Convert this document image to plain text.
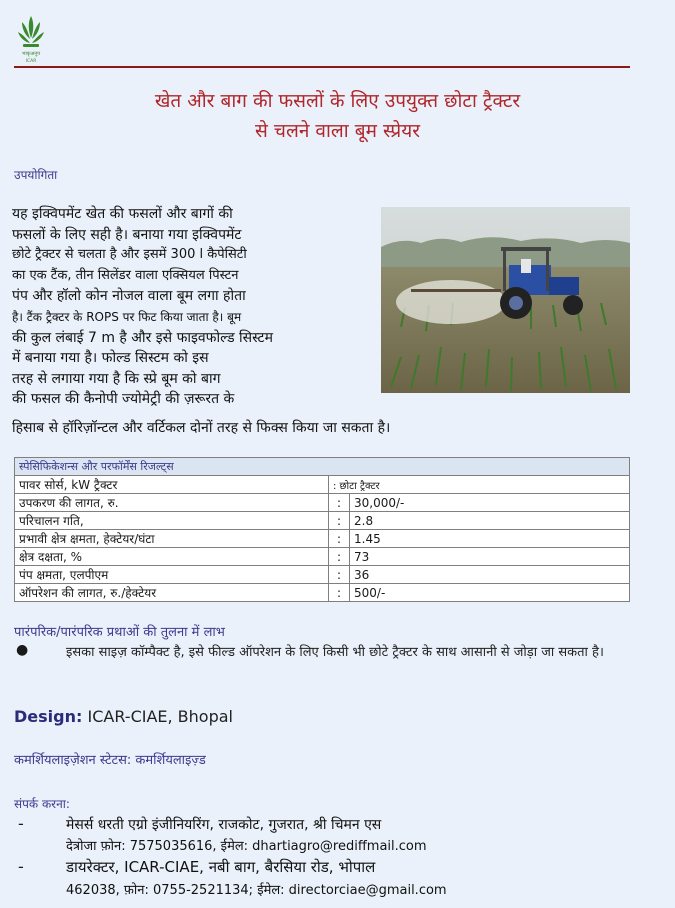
भाकृअनुप
ICAR
खेत और बाग की फसलों के लिए उपयुक्त छोटा ट्रैक्टर
से चलने वाला बूम स्प्रेयर
उपयोगिता
यह इक्विपमेंट खेत की फसलों और बागों की
फसलों के लिए सही है। बनाया गया इक्विपमेंट
छोटे ट्रैक्टर से चलता है और इसमें 300 l कैपेसिटी
का एक टैंक, तीन सिलेंडर वाला एक्सियल पिस्टन
पंप और हॉलो कोन नोजल वाला बूम लगा होता
है। टैंक ट्रैक्टर के ROPS पर फिट किया जाता है। बूम
की कुल लंबाई 7 m है और इसे फाइवफोल्ड सिस्टम
में बनाया गया है। फोल्ड सिस्टम को इस
तरह से लगाया गया है कि स्प्रे बूम को बाग
की फसल की कैनोपी ज्योमेट्री की ज़रूरत के
हिसाब से हॉरिज़ॉन्टल और वर्टिकल दोनों तरह से फिक्स किया जा सकता है।
स्पेसिफिकेशन्स और परफॉर्मेंस रिजल्ट्स		
पावर सोर्स, kW ट्रैक्टर	: छोटा ट्रैक्टर	
उपकरण की लागत, रु.	:	30,000/-
परिचालन गति,	:	2.8
प्रभावी क्षेत्र क्षमता, हेक्टेयर/घंटा	:	1.45
क्षेत्र दक्षता, %	:	73
पंप क्षमता, एलपीएम	:	36
ऑपरेशन की लागत, रु./हेक्टेयर	:	500/-
पारंपरिक/पारंपरिक प्रथाओं की तुलना में लाभ
●	इसका साइज़ कॉम्पैक्ट है, इसे फील्ड ऑपरेशन के लिए किसी भी छोटे ट्रैक्टर के साथ आसानी से जोड़ा जा सकता है।
Design: ICAR-CIAE, Bhopal
कमर्शियलाइज़ेशन स्टेटस: कमर्शियलाइज़्ड
संपर्क करना:
-	मेसर्स धरती एग्रो इंजीनियरिंग, राजकोट, गुजरात, श्री चिमन एस
देत्रोजा फ़ोन: 7575035616, ईमेल: dhartiagro@rediffmail.com
-	डायरेक्टर, ICAR-CIAE, नबी बाग, बैरसिया रोड, भोपाल
462038, फ़ोन: 0755-2521134; ईमेल: directorciae@gmail.com
